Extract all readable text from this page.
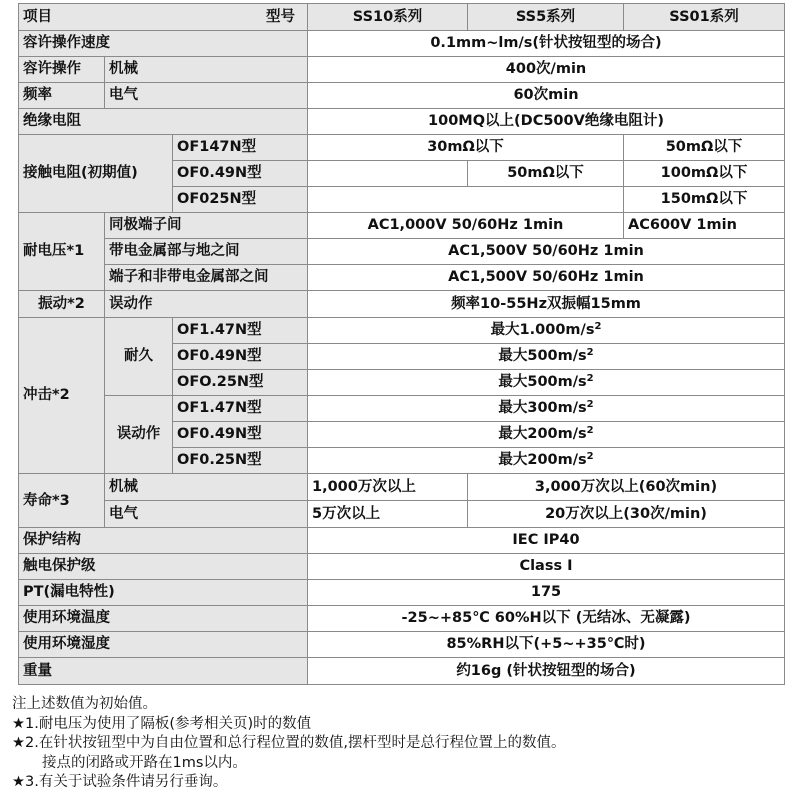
项目 型号			SS10系列	SS5系列	SS01系列
容许操作速度			0.1mm~lm/s(针状按钮型的场合)		
容许操作	机械		400次/min		
频率	电气		60次min		
绝缘电阻			100MQ以上(DC500V绝缘电阻计)		
接触电阻(初期值)		OF147N型	30mΩ以下		50mΩ以下
		OF0.49N型		50mΩ以下	100mΩ以下
		OF025N型			150mΩ以下
耐电压*1	同极端子间		AC1,000V 50/60Hz 1min		AC600V 1min
	带电金属部与地之间		AC1,500V 50/60Hz 1min		
	端子和非带电金属部之间		AC1,500V 50/60Hz 1min		
振动*2	误动作		频率10-55Hz双振幅15mm		
冲击*2	耐久	OF1.47N型	最大$1.000m/s^2$
		OF0.49N型	最大$500m/s^2$
		OFO.25N型	最大$500m/s^2$
	误动作	OF1.47N型	最大$300m/s^2$
		OF0.49N型	最大$200m/s^2$
		OF0.25N型	最大$200m/s^2$
寿命*3	机械		1,000万次以上	3,000万次以上(60次min)	
	电气		5万次以上	20万次以上(30次/min)	
保护结构			IEC IP40		
触电保护级			Class I		
PT(漏电特性)			175		
使用环境温度			-25~+85℃ 60%H以下 (无结冰、无凝露)		
使用环境湿度			85%RH以下(+5~+35℃时)		
重量			约16g (针状按钮型的场合)		
注上述数值为初始值。
★1.耐电压为使用了隔板(参考相关页)时的数值
★2.在针状按钮型中为自由位置和总行程位置的数值,摆杆型时是总行程位置上的数值。
接点的闭路或开路在1ms以内。
★3.有关于试验条件请另行垂询。
